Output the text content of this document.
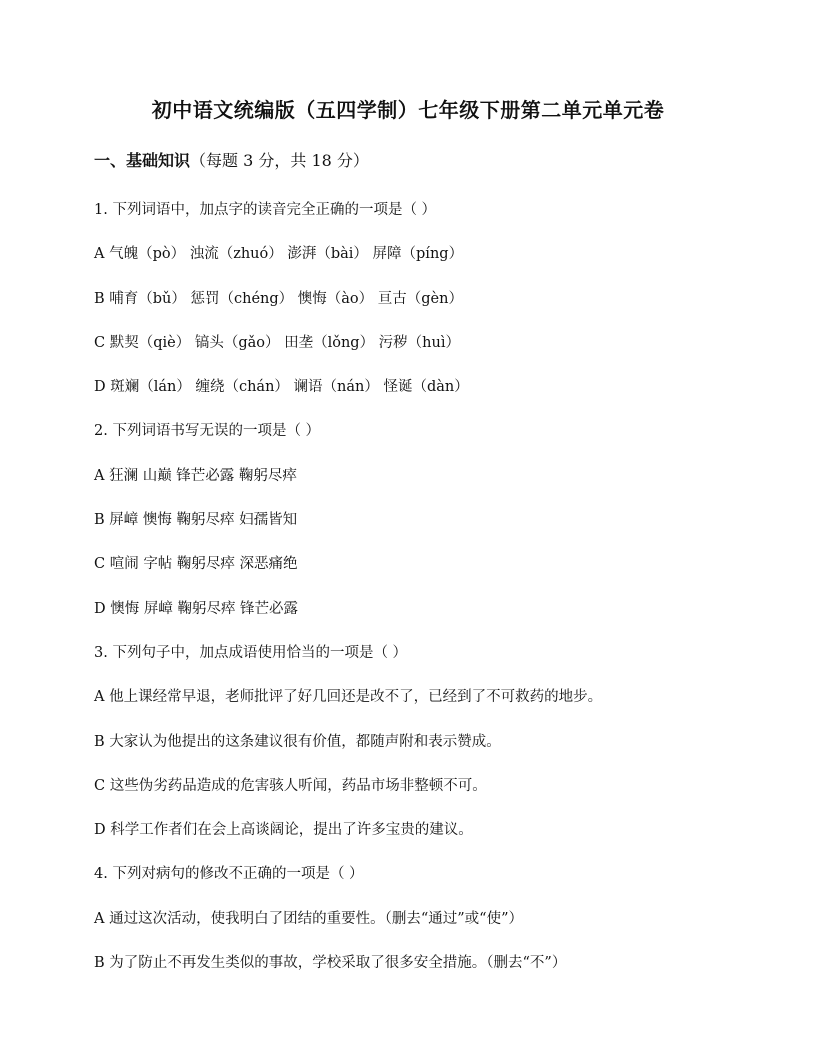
初中语文统编版（五四学制）七年级下册第二单元单元卷
一、基础知识（每题 3 分，共 18 分）
1. 下列词语中，加点字的读音完全正确的一项是（ ）
A 气魄（pò） 浊流（zhuó） 澎湃（bài） 屏障（píng）
B 哺育（bǔ） 惩罚（chéng） 懊悔（ào） 亘古（gèn）
C 默契（qiè） 镐头（gǎo） 田垄（lǒng） 污秽（huì）
D 斑斓（lán） 缠绕（chán） 谰语（nán） 怪诞（dàn）
2. 下列词语书写无误的一项是（ ）
A 狂澜 山巅 锋芒必露 鞠躬尽瘁
B 屏嶂 懊悔 鞠躬尽瘁 妇孺皆知
C 喧闹 字帖 鞠躬尽瘁 深恶痛绝
D 懊悔 屏嶂 鞠躬尽瘁 锋芒必露
3. 下列句子中，加点成语使用恰当的一项是（ ）
A 他上课经常早退，老师批评了好几回还是改不了，已经到了不可救药的地步。
B 大家认为他提出的这条建议很有价值，都随声附和表示赞成。
C 这些伪劣药品造成的危害骇人听闻，药品市场非整顿不可。
D 科学工作者们在会上高谈阔论，提出了许多宝贵的建议。
4. 下列对病句的修改不正确的一项是（ ）
A 通过这次活动，使我明白了团结的重要性。（删去“通过”或“使”）
B 为了防止不再发生类似的事故，学校采取了很多安全措施。（删去“不”）
